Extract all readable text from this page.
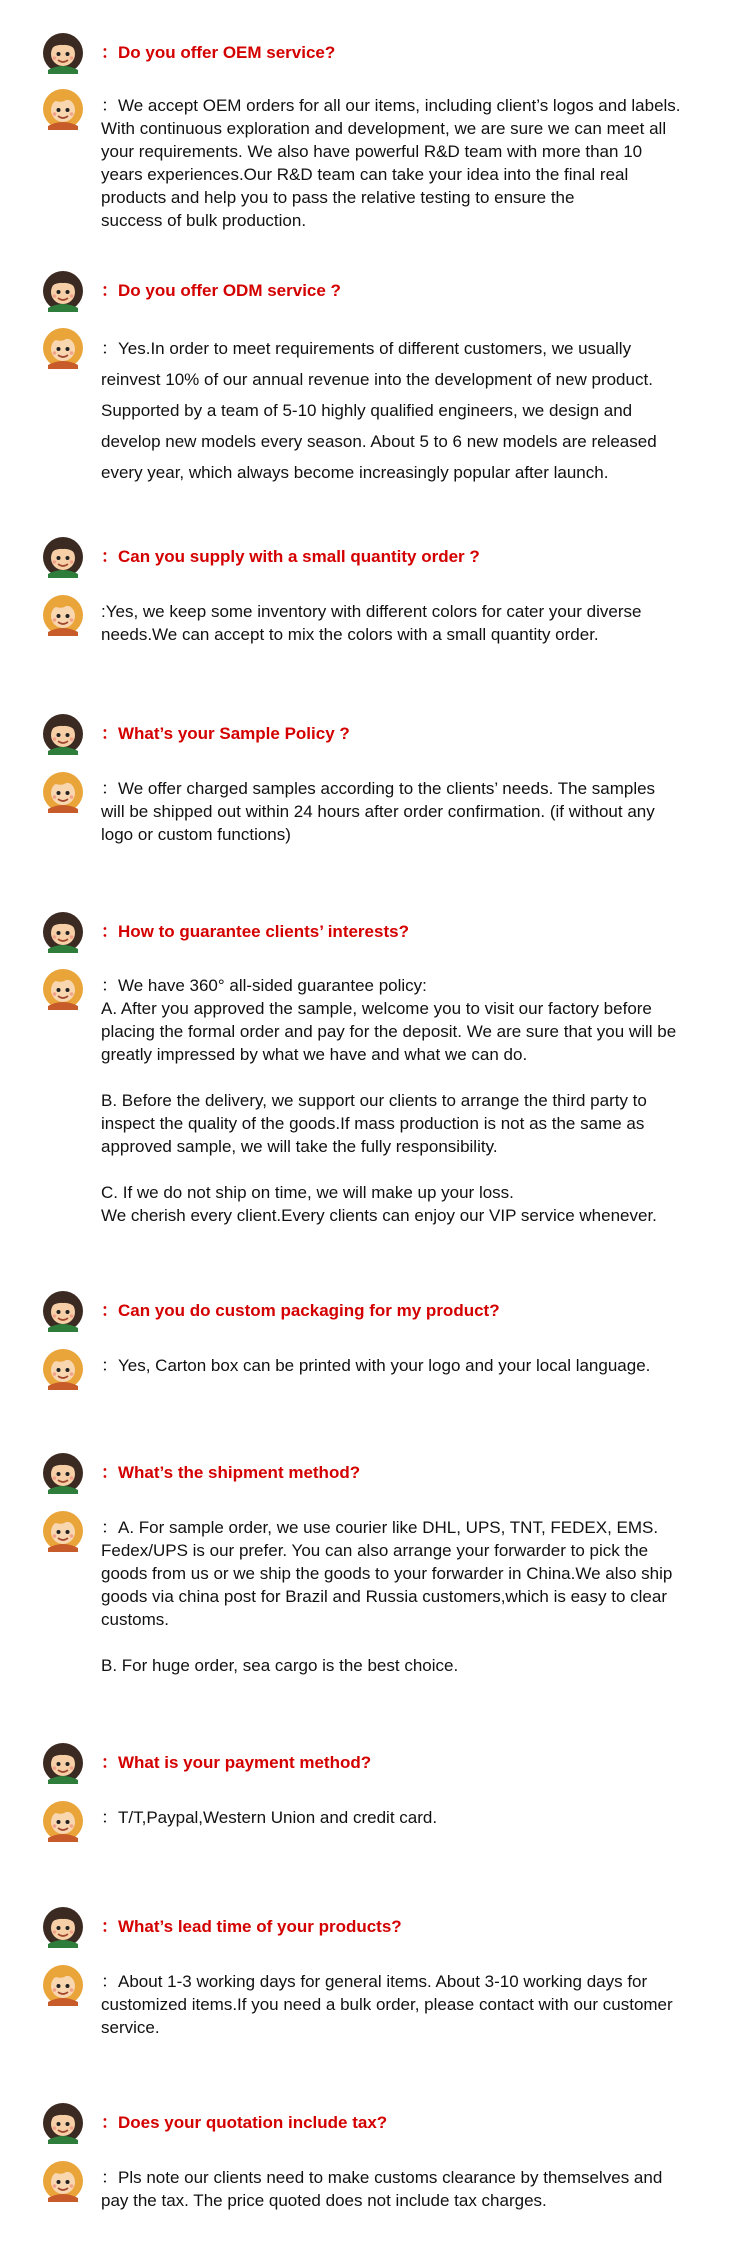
：Do you offer OEM service?

：We accept OEM orders for all our items, including client’s logos and labels.
With continuous exploration and development, we are sure we can meet all
your requirements. We also have powerful R&D team with more than 10
years experiences.Our R&D team can take your idea into the final real
products and help you to pass the relative testing to ensure the
success of bulk production.

：Do you offer ODM service ?

：Yes.In order to meet requirements of different customers, we usually
reinvest 10% of our annual revenue into the development of new product.
Supported by a team of 5-10 highly qualified engineers, we design and
develop new models every season. About 5 to 6 new models are released
every year, which always become increasingly popular after launch.

：Can you supply with a small quantity order ?

:Yes, we keep some inventory with different colors for cater your diverse
needs.We can accept to mix the colors with a small quantity order.

：What’s your Sample Policy ?

：We offer charged samples according to the clients’ needs. The samples
will be shipped out within 24 hours after order confirmation. (if without any
logo or custom functions)

：How to guarantee clients’ interests?

：We have 360° all-sided guarantee policy:
A. After you approved the sample, welcome you to visit our factory before
placing the formal order and pay for the deposit. We are sure that you will be
greatly impressed by what we have and what we can do.

B. Before the delivery, we support our clients to arrange the third party to
inspect the quality of the goods.If mass production is not as the same as
approved sample, we will take the fully responsibility.

C. If we do not ship on time, we will make up your loss.
We cherish every client.Every clients can enjoy our VIP service whenever.

：Can you do custom packaging for my product?

：Yes, Carton box can be printed with your logo and your local language.

：What’s the shipment method?

：A. For sample order, we use courier like DHL, UPS, TNT, FEDEX, EMS.
Fedex/UPS is our prefer. You can also arrange your forwarder to pick the
goods from us or we ship the goods to your forwarder in China.We also ship
goods via china post for Brazil and Russia customers,which is easy to clear
customs.

B. For huge order, sea cargo is the best choice.

：What is your payment method?

：T/T,Paypal,Western Union and credit card.

：What’s lead time of your products?

：About 1-3 working days for general items. About 3-10 working days for
customized items.If you need a bulk order, please contact with our customer
service.

：Does your quotation include tax?

：Pls note our clients need to make customs clearance by themselves and
pay the tax. The price quoted does not include tax charges.
